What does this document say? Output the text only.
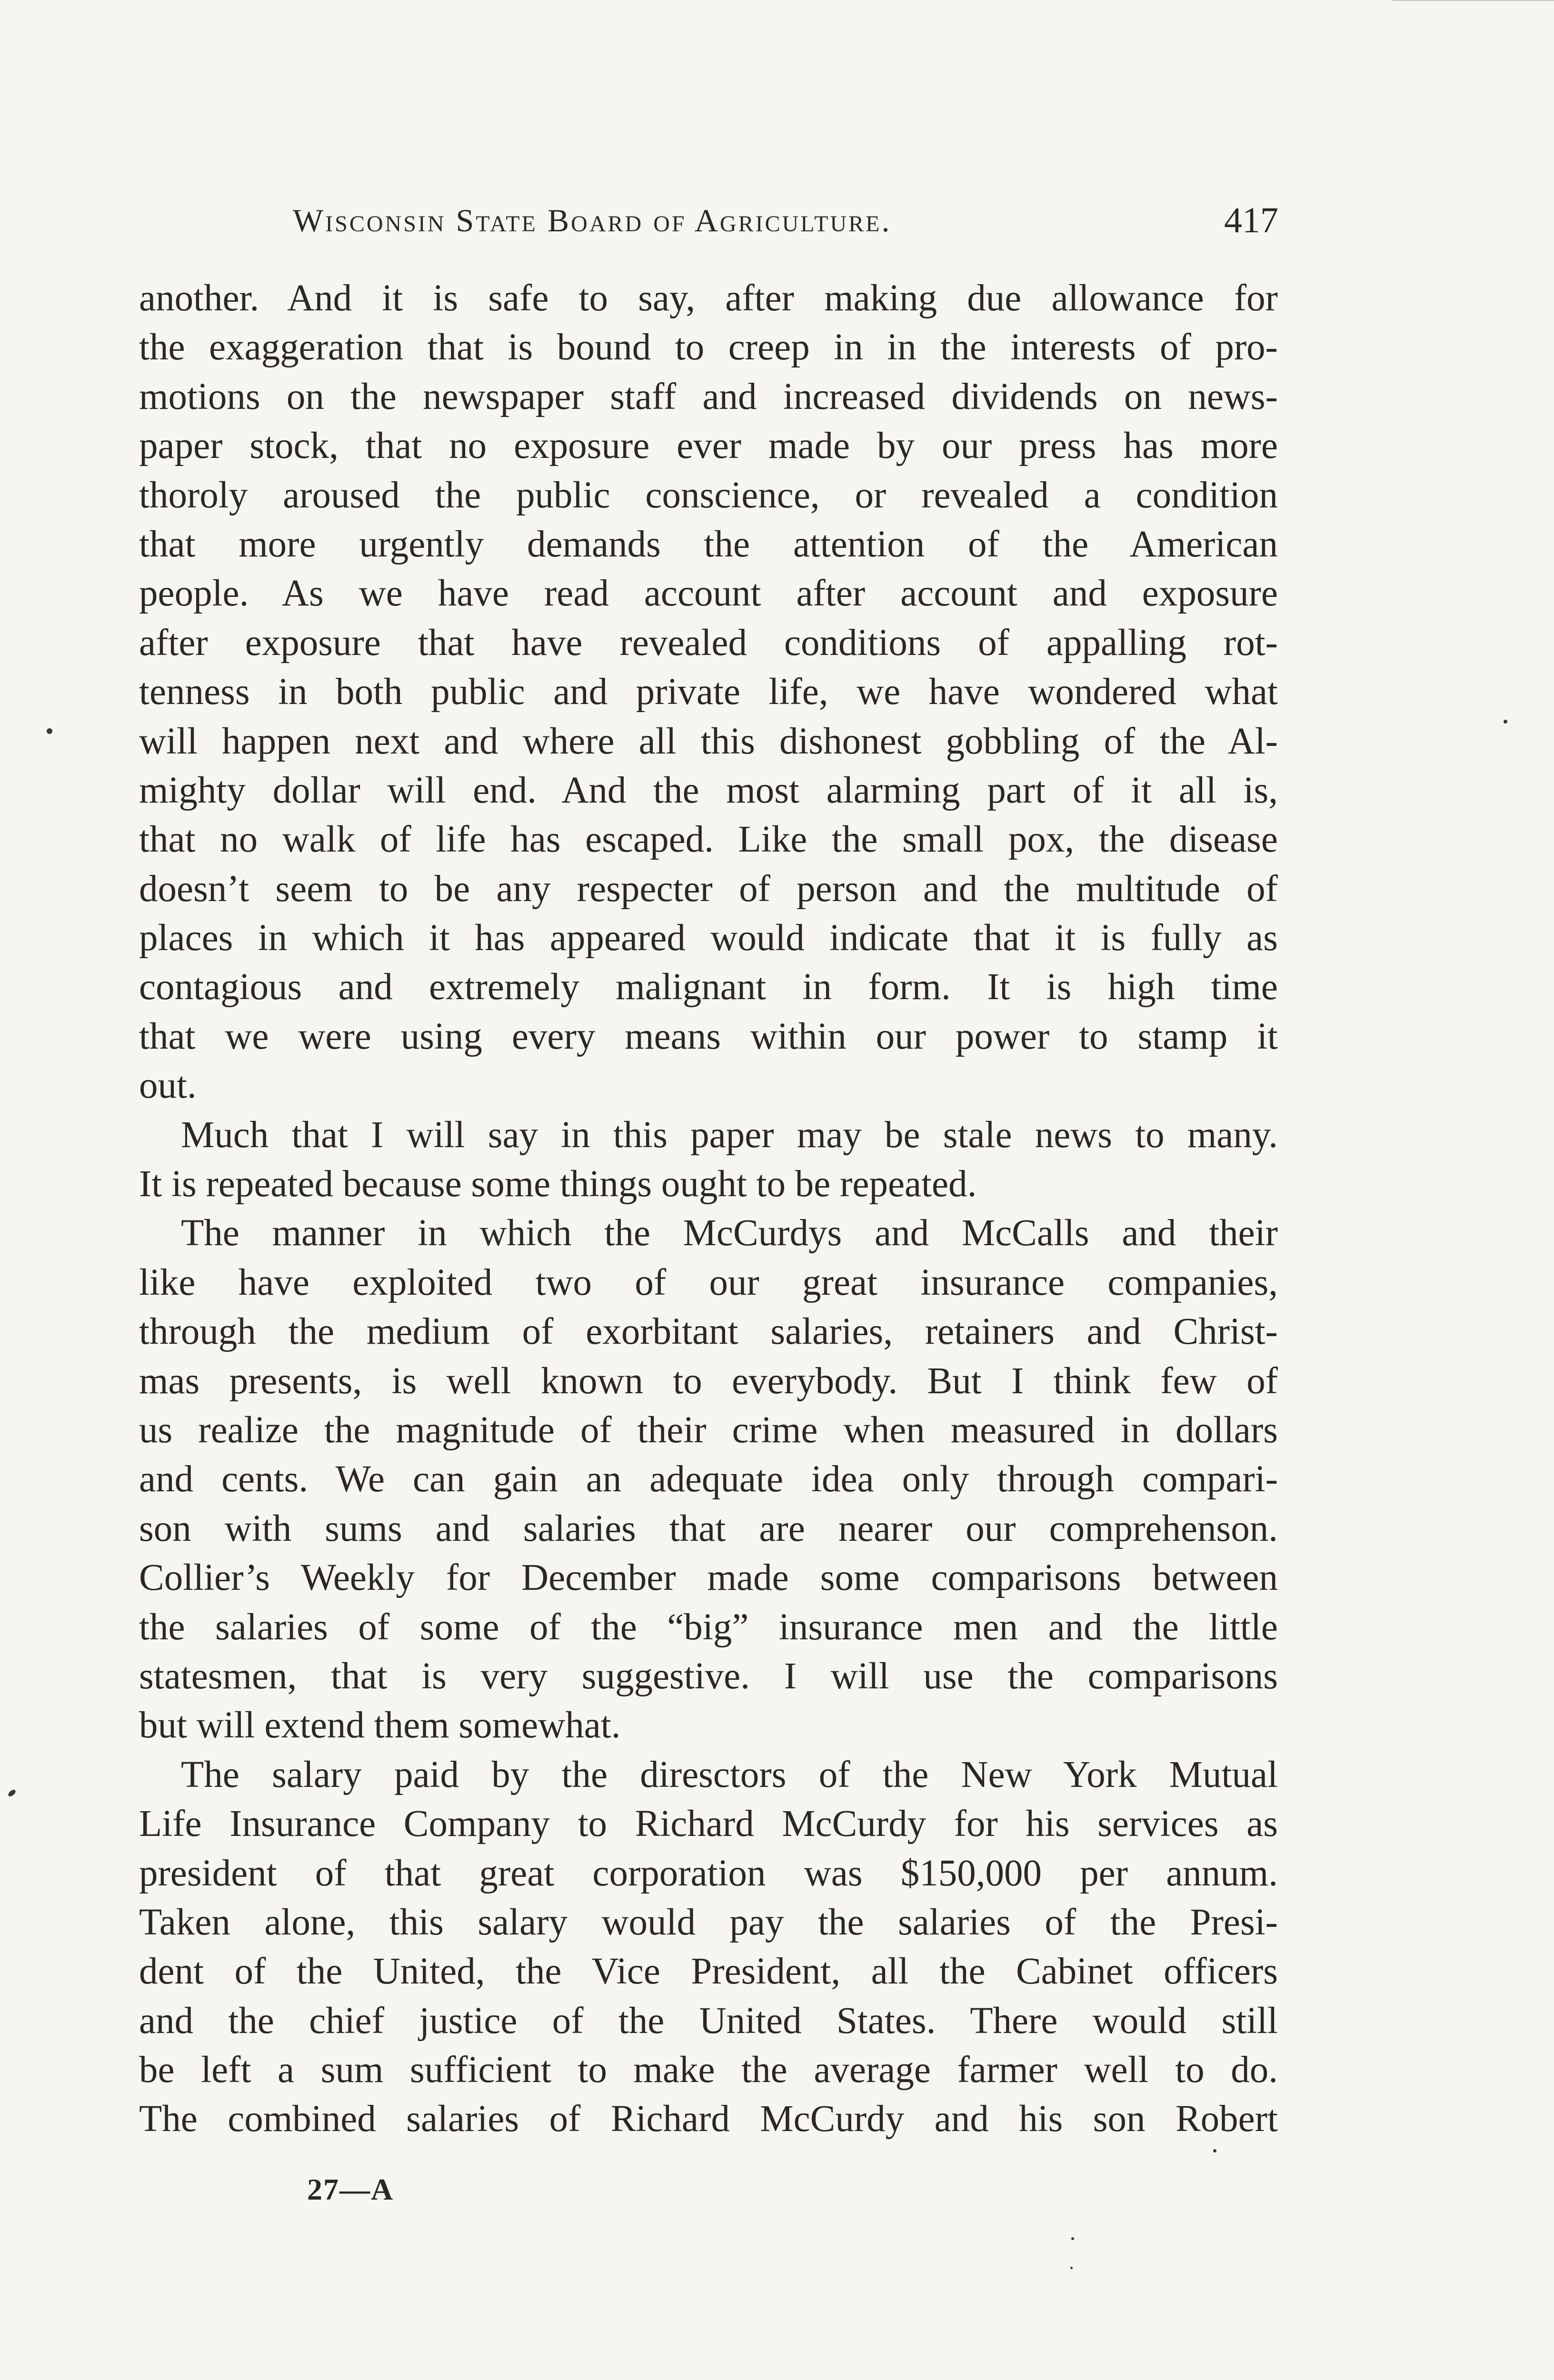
Wisconsin State Board of Agriculture.	417
another. And it is safe to say, after making due allowance for
the exaggeration that is bound to creep in in the interests of pro-
motions on the newspaper staff and increased dividends on news-
paper stock, that no exposure ever made by our press has more
thoroly aroused the public conscience, or revealed a condition
that more urgently demands the attention of the American
people. As we have read account after account and exposure
after exposure that have revealed conditions of appalling rot-
tenness in both public and private life, we have wondered what
will happen next and where all this dishonest gobbling of the Al-
mighty dollar will end. And the most alarming part of it all is,
that no walk of life has escaped. Like the small pox, the disease
doesn’t seem to be any respecter of person and the multitude of
places in which it has appeared would indicate that it is fully as
contagious and extremely malignant in form. It is high time
that we were using every means within our power to stamp it
out.
Much that I will say in this paper may be stale news to many.
It is repeated because some things ought to be repeated.
The manner in which the McCurdys and McCalls and their
like have exploited two of our great insurance companies,
through the medium of exorbitant salaries, retainers and Christ-
mas presents, is well known to everybody. But I think few of
us realize the magnitude of their crime when measured in dollars
and cents. We can gain an adequate idea only through compari-
son with sums and salaries that are nearer our comprehenson.
Collier’s Weekly for December made some comparisons between
the salaries of some of the “big” insurance men and the little
statesmen, that is very suggestive. I will use the comparisons
but will extend them somewhat.
The salary paid by the diresctors of the New York Mutual
Life Insurance Company to Richard McCurdy for his services as
president of that great corporation was $150,000 per annum.
Taken alone, this salary would pay the salaries of the Presi-
dent of the United, the Vice President, all the Cabinet officers
and the chief justice of the United States. There would still
be left a sum sufficient to make the average farmer well to do.
The combined salaries of Richard McCurdy and his son Robert
27—A
